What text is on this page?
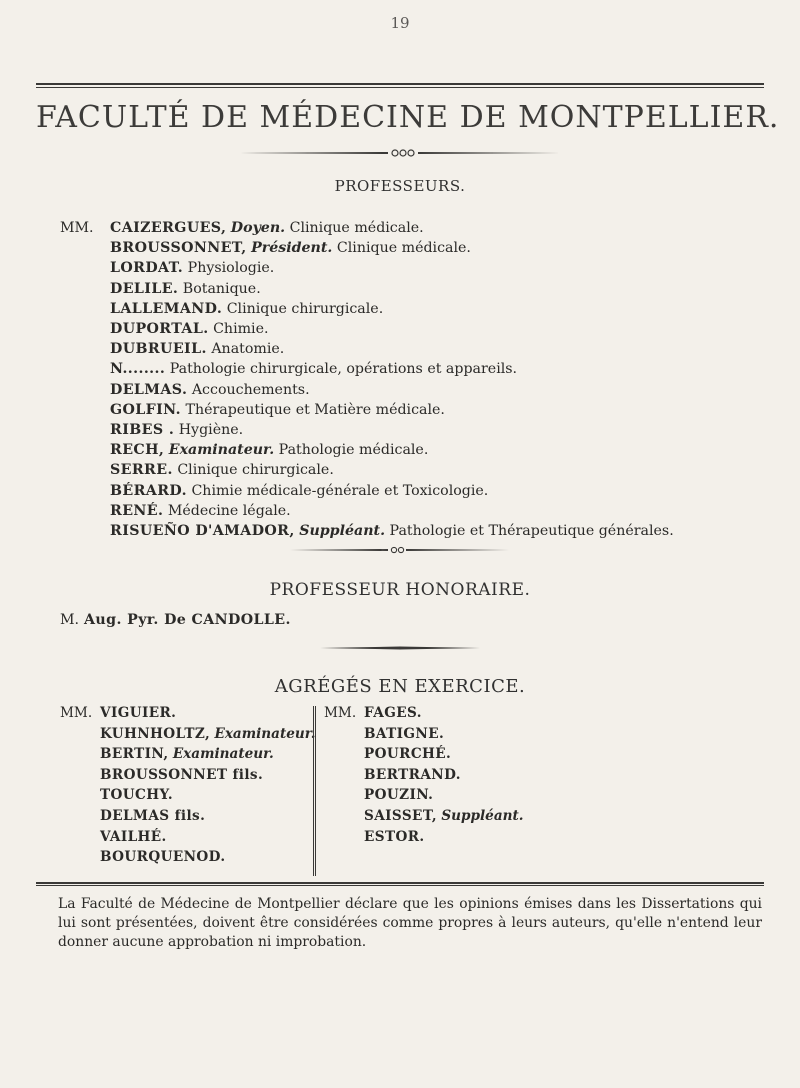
19
FACULTÉ DE MÉDECINE DE MONTPELLIER.
PROFESSEURS.
MM. CAIZERGUES, Doyen. Clinique médicale.
BROUSSONNET, Président. Clinique médicale.
LORDAT. Physiologie.
DELILE. Botanique.
LALLEMAND. Clinique chirurgicale.
DUPORTAL. Chimie.
DUBRUEIL. Anatomie.
N........ Pathologie chirurgicale, opérations et appareils.
DELMAS. Accouchements.
GOLFIN. Thérapeutique et Matière médicale.
RIBES . Hygiène.
RECH, Examinateur. Pathologie médicale.
SERRE. Clinique chirurgicale.
BÉRARD. Chimie médicale-générale et Toxicologie.
RENÉ. Médecine légale.
RISUEÑO D'AMADOR, Suppléant. Pathologie et Thérapeutique générales.
PROFESSEUR HONORAIRE.
M. Aug. Pyr. De CANDOLLE.
AGRÉGÉS EN EXERCICE.
MM. VIGUIER.
KUHNHOLTZ, Examinateur.
BERTIN, Examinateur.
BROUSSONNET fils.
TOUCHY.
DELMAS fils.
VAILHÉ.
BOURQUENOD.
MM. FAGES.
BATIGNE.
POURCHÉ.
BERTRAND.
POUZIN.
SAISSET, Suppléant.
ESTOR.
La Faculté de Médecine de Montpellier déclare que les opinions émises dans les Dissertations qui lui sont présentées, doivent être considérées comme propres à leurs auteurs, qu'elle n'entend leur donner aucune approbation ni improbation.
